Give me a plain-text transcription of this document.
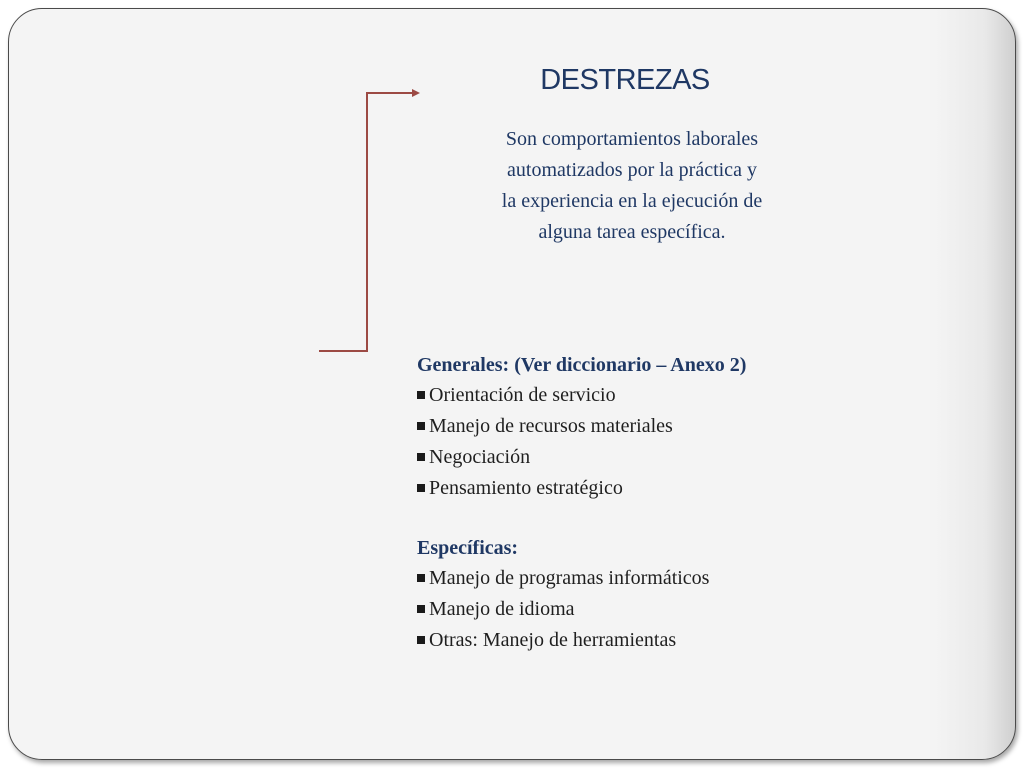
DESTREZAS
Son comportamientos laborales
automatizados por la práctica y
la experiencia en la ejecución de
alguna tarea específica.
Generales: (Ver diccionario – Anexo 2)
Orientación de servicio
Manejo de recursos materiales
Negociación
Pensamiento estratégico
Específicas:
Manejo de programas informáticos
Manejo de idioma
Otras: Manejo de herramientas
